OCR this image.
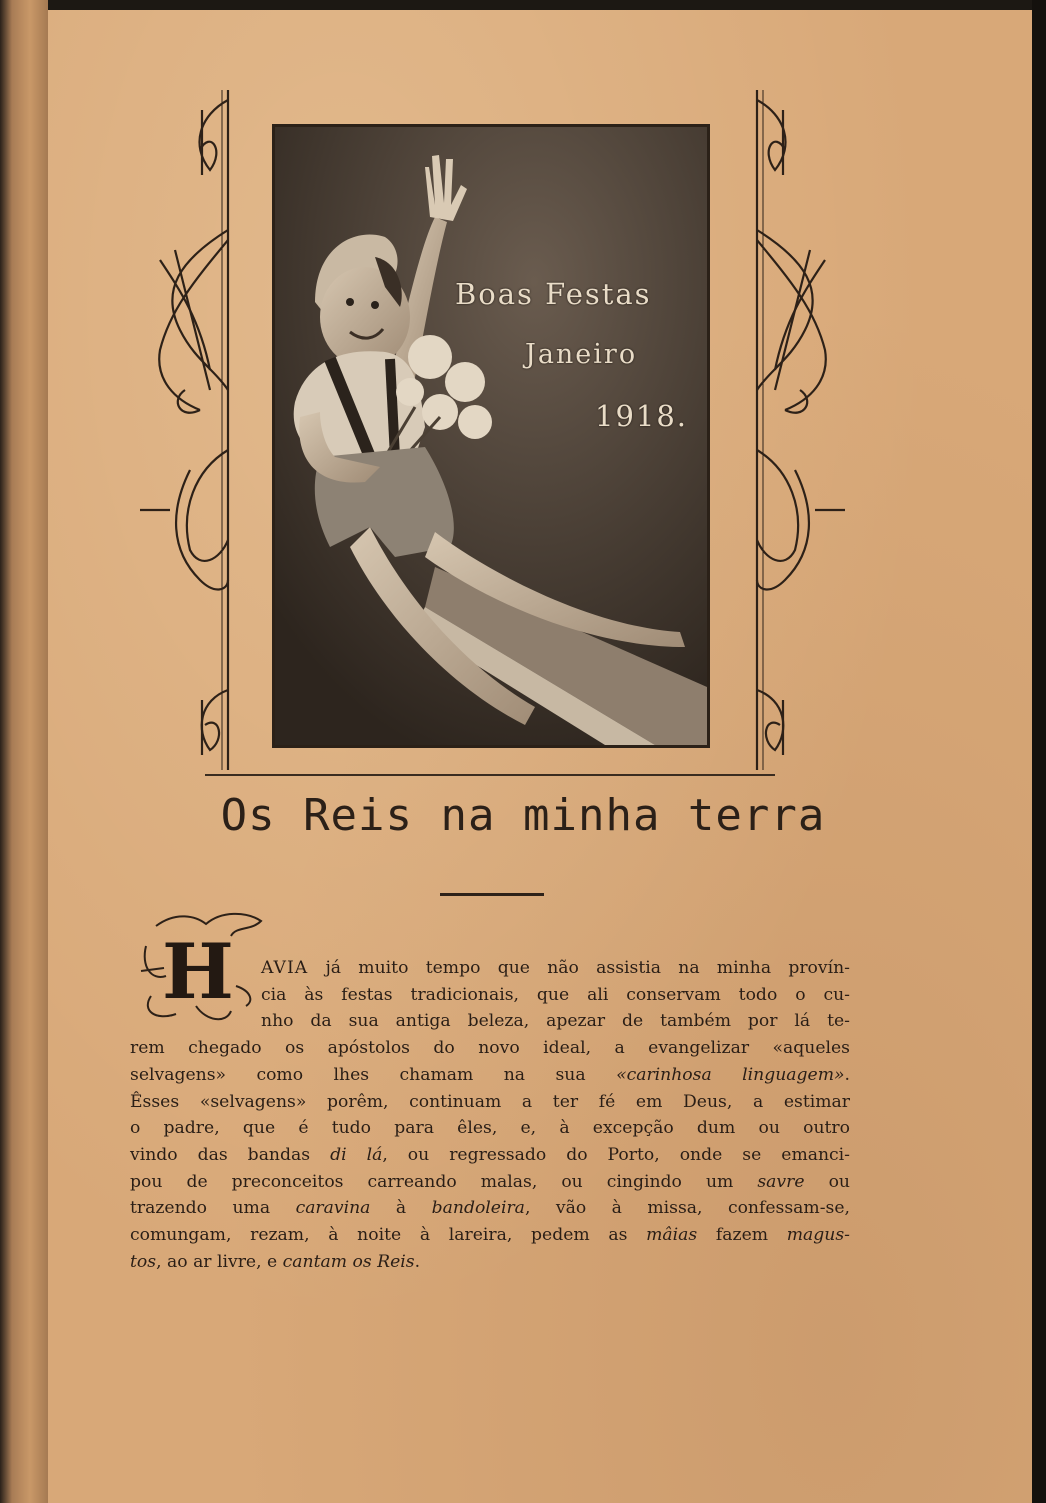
Boas Festas
Janeiro
1918.
Os Reis na minha terra
H	AVIA já muito tempo que não assistia na minha provín-
cia às festas tradicionais, que ali conservam todo o cu-
nho da sua antiga beleza, apezar de também por lá te-
rem chegado os apóstolos do novo ideal, a evangelizar «aqueles
selvagens» como lhes chamam na sua «carinhosa linguagem».
Êsses «selvagens» porêm, continuam a ter fé em Deus, a estimar
o padre, que é tudo para êles, e, à excepção dum ou outro
vindo das bandas di lá, ou regressado do Porto, onde se emanci-
pou de preconceitos carreando malas, ou cingindo um savre ou
trazendo uma caravina à bandoleira, vão à missa, confessam-se,
comungam, rezam, à noite à lareira, pedem as mâias fazem magus-
tos, ao ar livre, e cantam os Reis.
